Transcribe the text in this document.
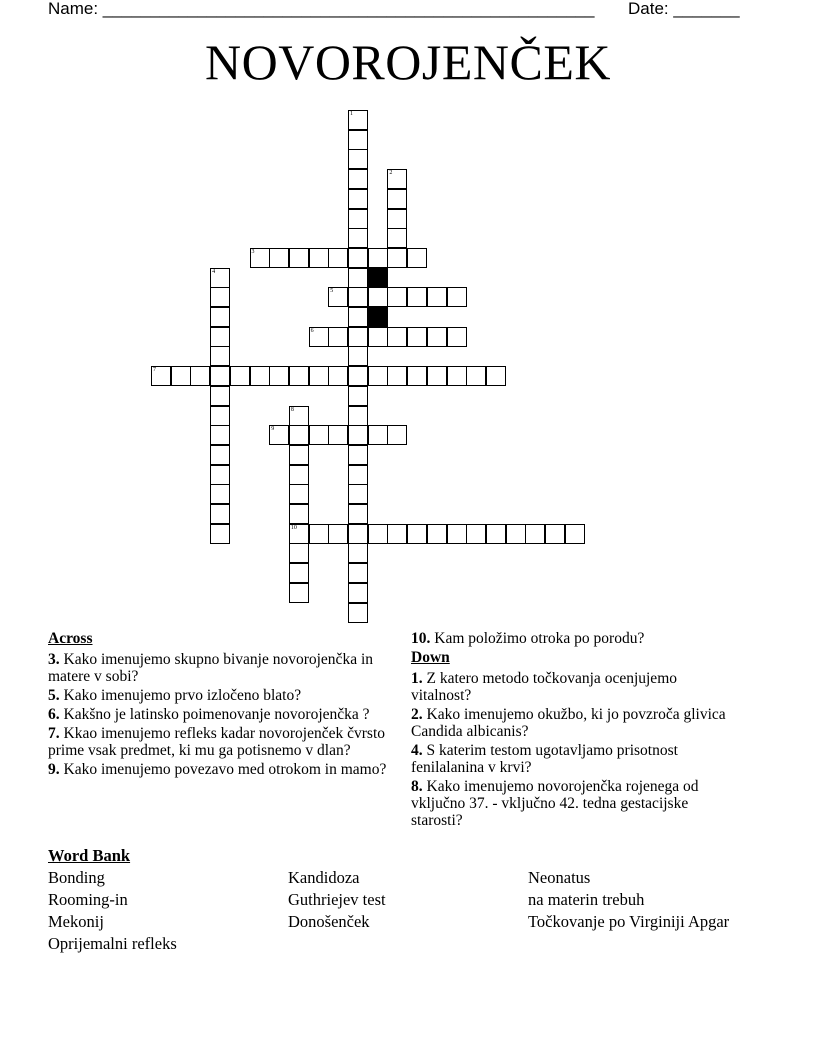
Name: ____________________________________________________ Date: _______
NOVOROJENČEK
1
2
3
4
5
6
7
8
10
9
Across
3. Kako imenujemo skupno bivanje novorojenčka in matere v sobi?
5. Kako imenujemo prvo izločeno blato?
6. Kakšno je latinsko poimenovanje novorojenčka ?
7. Kkao imenujemo refleks kadar novorojenček čvrsto prime vsak predmet, ki mu ga potisnemo v dlan?
9. Kako imenujemo povezavo med otrokom in mamo?
10. Kam položimo otroka po porodu?
Down
1. Z katero metodo točkovanja ocenjujemo vitalnost?
2. Kako imenujemo okužbo, ki jo povzroča glivica Candida albicanis?
4. S katerim testom ugotavljamo prisotnost fenilalanina v krvi?
8. Kako imenujemo novorojenčka rojenega od vključno 37. - vključno 42. tedna gestacijske starosti?
Word Bank
Bonding	Kandidoza	Neonatus
Rooming-in	Guthriejev test	na materin trebuh
Mekonij	Donošenček	Točkovanje po Virginiji Apgar
Oprijemalni refleks
